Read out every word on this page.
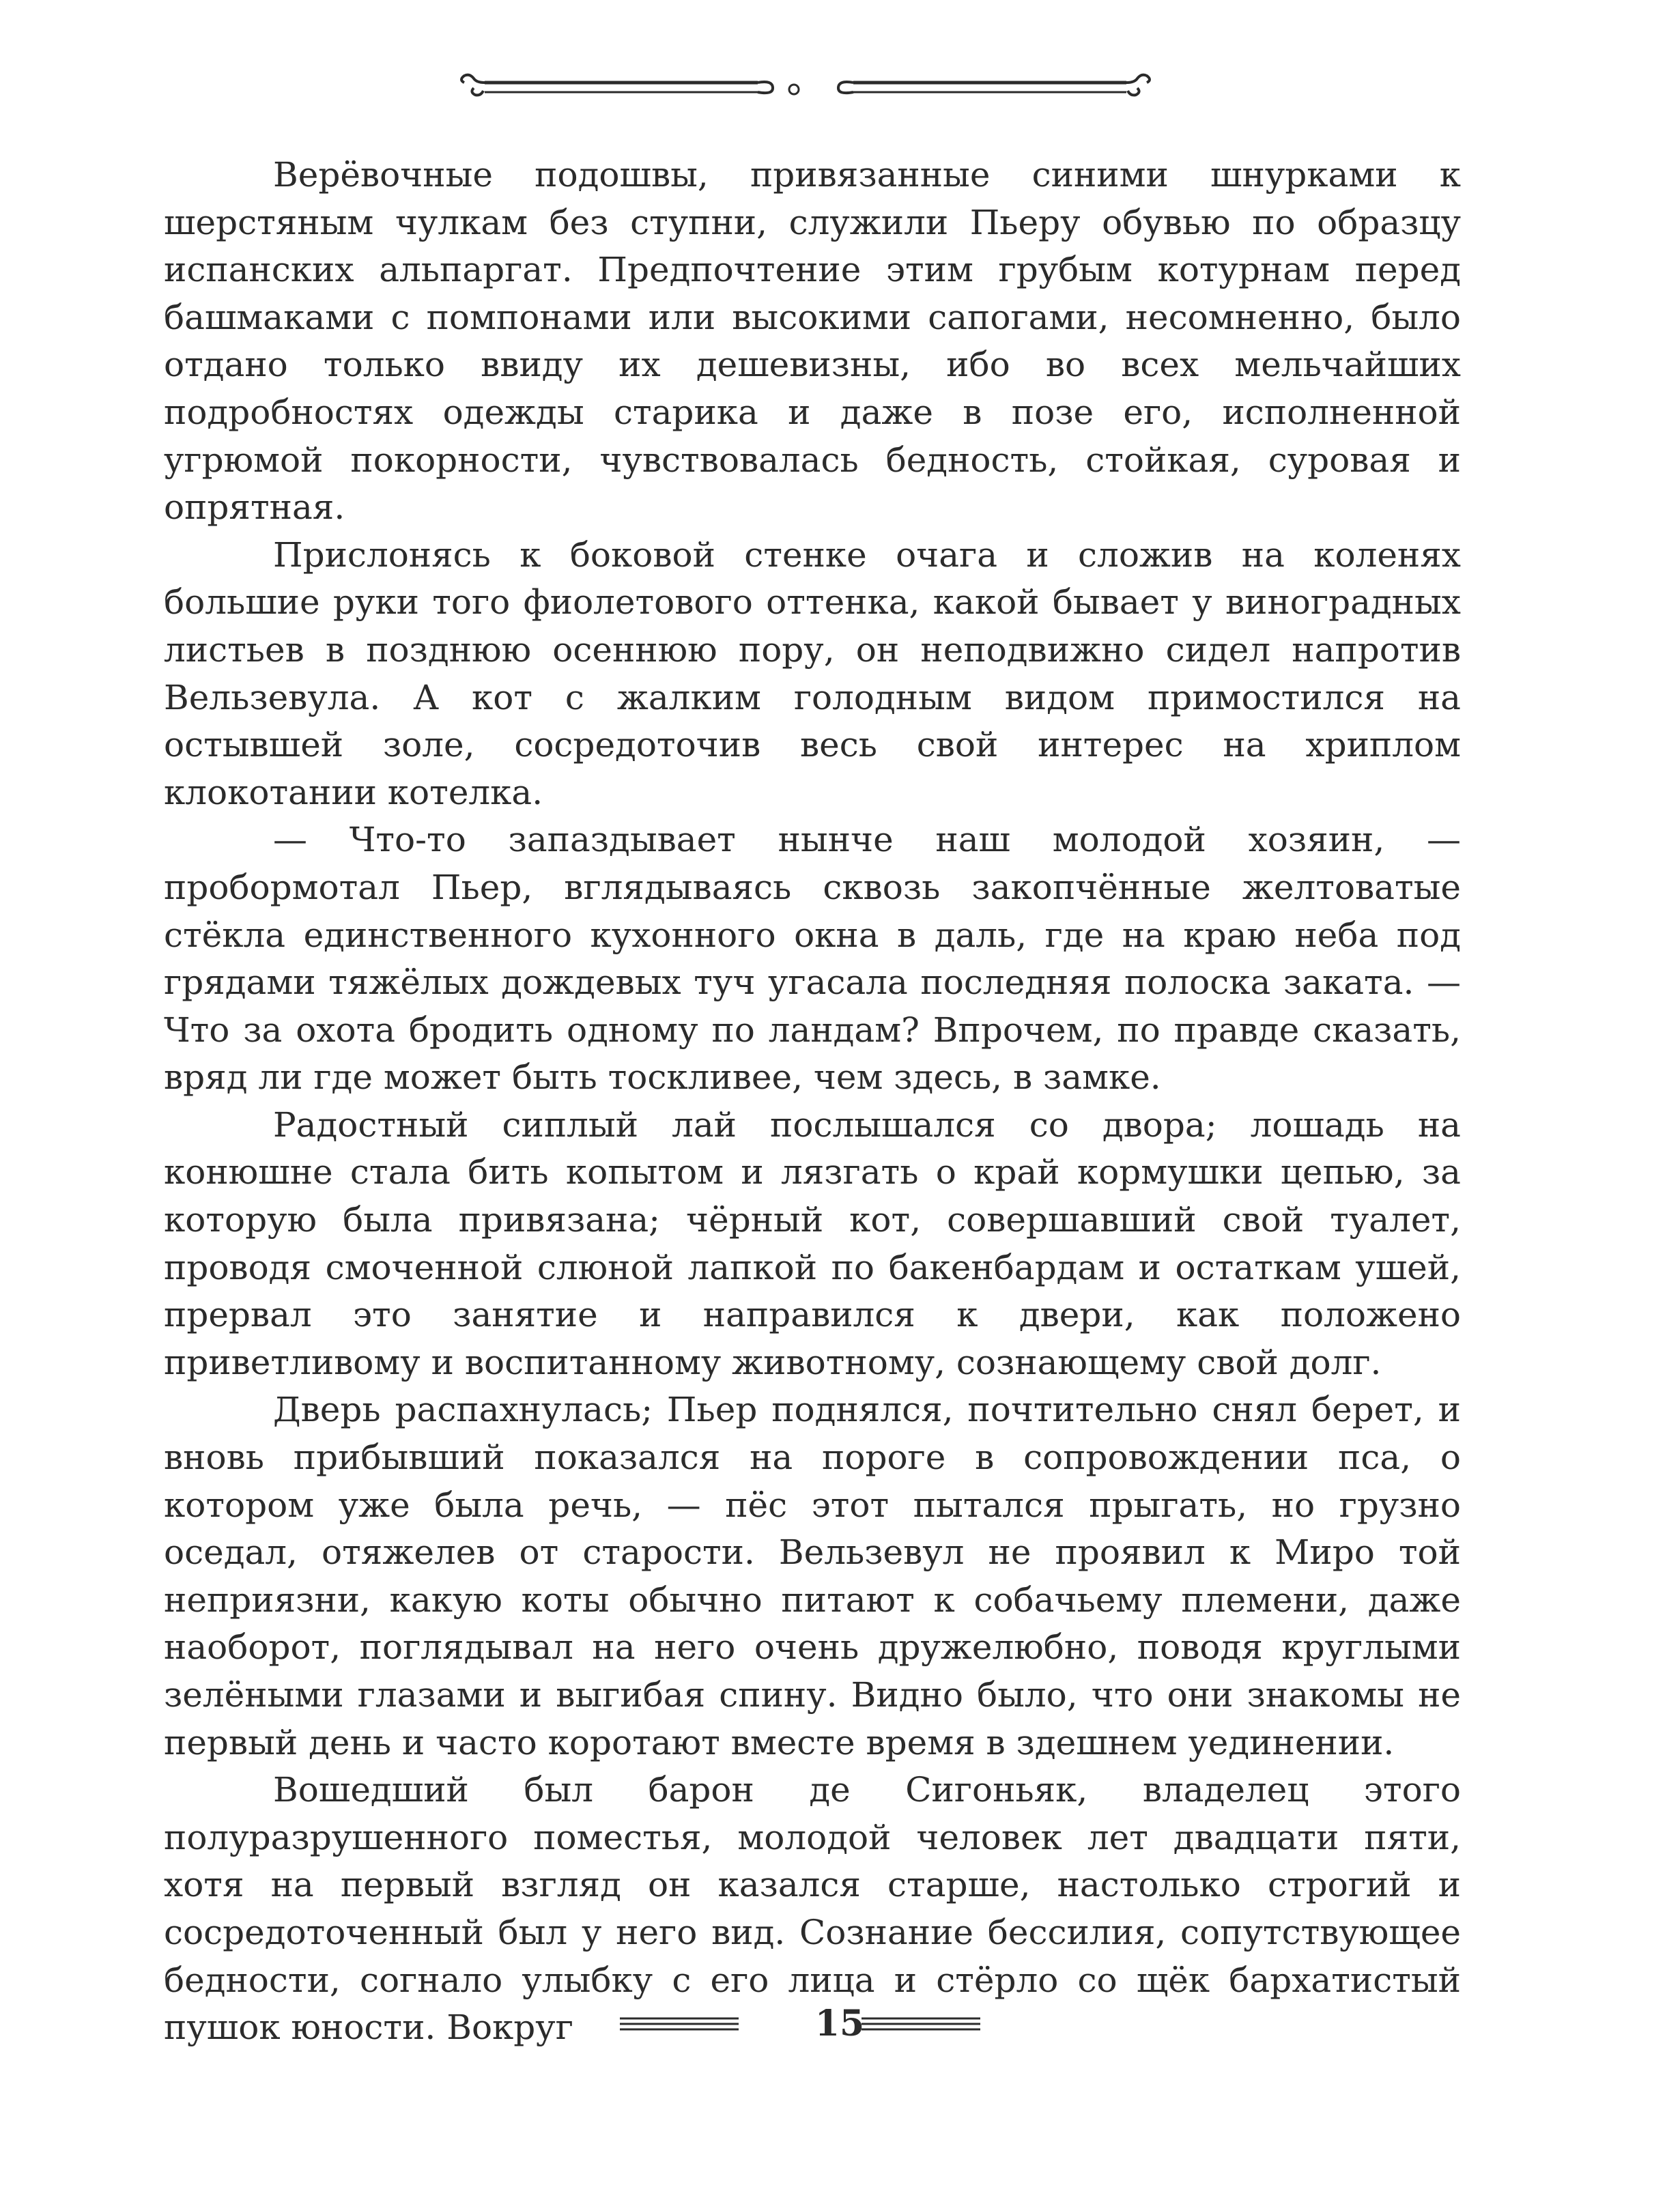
Верёвочные подошвы, привязанные синими шнурками к шерстяным чулкам без ступни, служили Пьеру обувью по образцу испанских альпаргат. Предпочтение этим грубым котурнам перед башмаками с помпонами или высокими сапогами, несомненно, было отдано только ввиду их дешевизны, ибо во всех мельчайших подробностях одежды старика и даже в позе его, исполненной угрюмой покорности, чувствовалась бедность, стойкая, суровая и опрятная.

Прислонясь к боковой стенке очага и сложив на коленях большие руки того фиолетового оттенка, какой бывает у виноградных листьев в позднюю осеннюю пору, он неподвижно сидел напротив Вельзевула. А кот с жалким голодным видом примостился на остывшей золе, сосредоточив весь свой интерес на хриплом клокотании котелка.

— Что-то запаздывает нынче наш молодой хозяин, — пробормотал Пьер, вглядываясь сквозь закопчённые желтоватые стёкла единственного кухонного окна в даль, где на краю неба под грядами тяжёлых дождевых туч угасала последняя полоска заката. — Что за охота бродить одному по ландам? Впрочем, по правде сказать, вряд ли где может быть тоскливее, чем здесь, в замке.

Радостный сиплый лай послышался со двора; лошадь на конюшне стала бить копытом и лязгать о край кормушки цепью, за которую была привязана; чёрный кот, совершавший свой туалет, проводя смоченной слюной лапкой по бакенбардам и остаткам ушей, прервал это занятие и направился к двери, как положено приветливому и воспитанному животному, сознающему свой долг.

Дверь распахнулась; Пьер поднялся, почтительно снял берет, и вновь прибывший показался на пороге в сопровождении пса, о котором уже была речь, — пёс этот пытался прыгать, но грузно оседал, отяжелев от старости. Вельзевул не проявил к Миро той неприязни, какую коты обычно питают к собачьему племени, даже наоборот, поглядывал на него очень дружелюбно, поводя круглыми зелёными глазами и выгибая спину. Видно было, что они знакомы не первый день и часто коротают вместе время в здешнем уединении.

Вошедший был барон де Сигоньяк, владелец этого полуразрушенного поместья, молодой человек лет двадцати пяти, хотя на первый взгляд он казался старше, настолько строгий и сосредоточенный был у него вид. Сознание бессилия, сопутствующее бедности, согнало улыбку с его лица и стёрло со щёк бархатистый пушок юности. Вокруг	15
